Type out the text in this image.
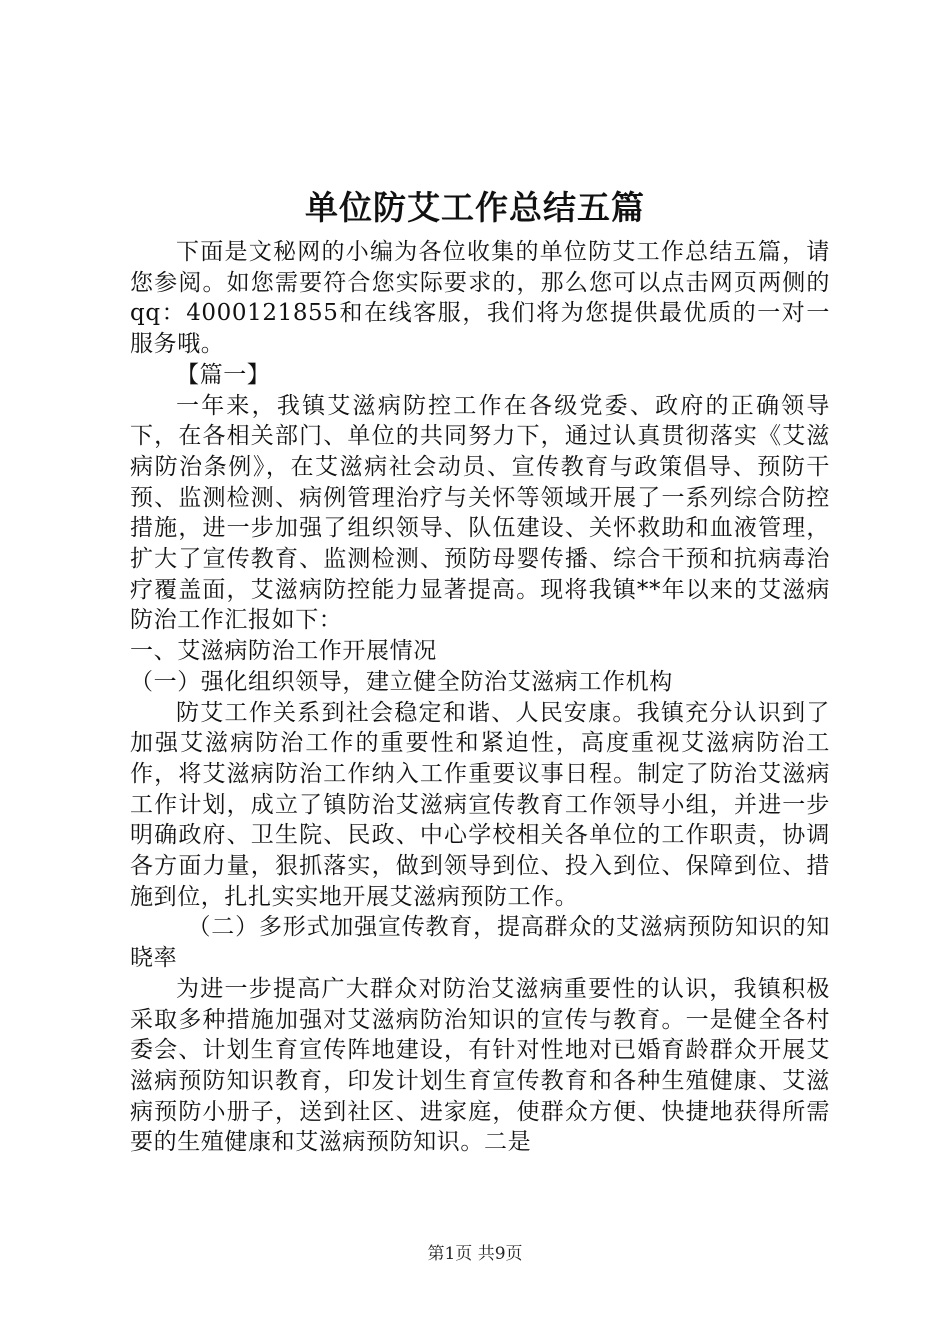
单位防艾工作总结五篇

下面是文秘网的小编为各位收集的单位防艾工作总结五篇，请您参阅。如您需要符合您实际要求的，那么您可以点击网页两侧的qq：4000121855和在线客服，我们将为您提供最优质的一对一服务哦。

【篇一】

一年来，我镇艾滋病防控工作在各级党委、政府的正确领导下，在各相关部门、单位的共同努力下，通过认真贯彻落实《艾滋病防治条例》，在艾滋病社会动员、宣传教育与政策倡导、预防干预、监测检测、病例管理治疗与关怀等领域开展了一系列综合防控措施，进一步加强了组织领导、队伍建设、关怀救助和血液管理，扩大了宣传教育、监测检测、预防母婴传播、综合干预和抗病毒治疗覆盖面，艾滋病防控能力显著提高。现将我镇**年以来的艾滋病防治工作汇报如下：

一、艾滋病防治工作开展情况

（一）强化组织领导，建立健全防治艾滋病工作机构

防艾工作关系到社会稳定和谐、人民安康。我镇充分认识到了加强艾滋病防治工作的重要性和紧迫性，高度重视艾滋病防治工作，将艾滋病防治工作纳入工作重要议事日程。制定了防治艾滋病工作计划，成立了镇防治艾滋病宣传教育工作领导小组，并进一步明确政府、卫生院、民政、中心学校相关各单位的工作职责，协调各方面力量，狠抓落实，做到领导到位、投入到位、保障到位、措施到位，扎扎实实地开展艾滋病预防工作。

（二）多形式加强宣传教育，提高群众的艾滋病预防知识的知晓率

为进一步提高广大群众对防治艾滋病重要性的认识，我镇积极采取多种措施加强对艾滋病防治知识的宣传与教育。一是健全各村委会、计划生育宣传阵地建设，有针对性地对已婚育龄群众开展艾滋病预防知识教育，印发计划生育宣传教育和各种生殖健康、艾滋病预防小册子，送到社区、进家庭，使群众方便、快捷地获得所需要的生殖健康和艾滋病预防知识。二是

第1页 共9页
